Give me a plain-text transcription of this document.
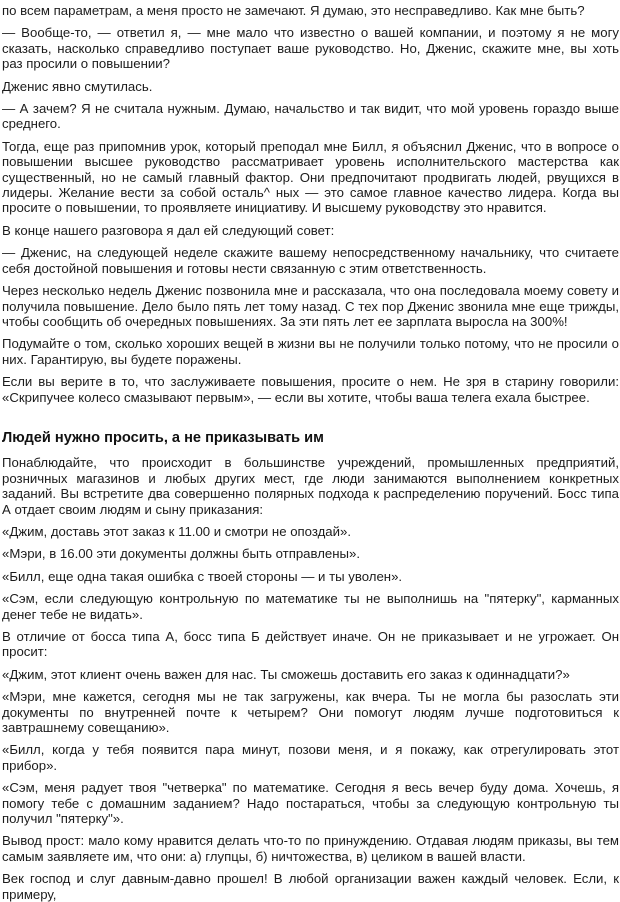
по всем параметрам, а меня просто не замечают. Я думаю, это несправедливо. Как мне быть?

— Вообще-то, — ответил я, — мне мало что известно о вашей компании, и поэтому я не могу сказать, насколько справедливо поступает ваше руководство. Но, Дженис, скажите мне, вы хоть раз просили о повышении?

Дженис явно смутилась.

— А зачем? Я не считала нужным. Думаю, начальство и так видит, что мой уровень гораздо выше среднего.

Тогда, еще раз припомнив урок, который преподал мне Билл, я объяснил Дженис, что в вопросе о повышении высшее руководство рассматривает уровень исполнительского мастерства как существенный, но не самый главный фактор. Они предпочитают продвигать людей, рвущихся в лидеры. Желание вести за собой осталь^ ных — это самое главное качество лидера. Когда вы просите о повышении, то проявляете инициативу. И высшему руководству это нравится.

В конце нашего разговора я дал ей следующий совет:

— Дженис, на следующей неделе скажите вашему непосредственному начальнику, что считаете себя достойной повышения и готовы нести связанную с этим ответственность.

Через несколько недель Дженис позвонила мне и рассказала, что она последовала моему совету и получила повышение. Дело было пять лет тому назад. С тех пор Дженис звонила мне еще трижды, чтобы сообщить об очередных повышениях. За эти пять лет ее зарплата выросла на 300%!

Подумайте о том, сколько хороших вещей в жизни вы не получили только потому, что не просили о них. Гарантирую, вы будете поражены.

Если вы верите в то, что заслуживаете повышения, просите о нем. Не зря в старину говорили: «Скрипучее колесо смазывают первым», — если вы хотите, чтобы ваша телега ехала быстрее.

Людей нужно просить, а не приказывать им

Понаблюдайте, что происходит в большинстве учреждений, промышленных предприятий, розничных магазинов и любых других мест, где люди занимаются выполнением конкретных заданий. Вы встретите два совершенно полярных подхода к распределению поручений. Босс типа А отдает своим людям и сыну приказания:

«Джим, доставь этот заказ к 11.00 и смотри не опоздай».

«Мэри, в 16.00 эти документы должны быть отправлены».

«Билл, еще одна такая ошибка с твоей стороны — и ты уволен».

«Сэм, если следующую контрольную по математике ты не выполнишь на "пятерку", карманных денег тебе не видать».

В отличие от босса типа А, босс типа Б действует иначе. Он не приказывает и не угрожает. Он просит:

«Джим, этот клиент очень важен для нас. Ты сможешь доставить его заказ к одиннадцати?»

«Мэри, мне кажется, сегодня мы не так загружены, как вчера. Ты не могла бы разослать эти документы по внутренней почте к четырем? Они помогут людям лучше подготовиться к завтрашнему совещанию».

«Билл, когда у тебя появится пара минут, позови меня, и я покажу, как отрегулировать этот прибор».

«Сэм, меня радует твоя "четверка" по математике. Сегодня я весь вечер буду дома. Хочешь, я помогу тебе с домашним заданием? Надо постараться, чтобы за следующую контрольную ты получил "пятерку"».

Вывод прост: мало кому нравится делать что-то по принуждению. Отдавая людям приказы, вы тем самым заявляете им, что они: а) глупцы, б) ничтожества, в) целиком в вашей власти.

Век господ и слуг давным-давно прошел! В любой организации важен каждый человек. Если, к примеру,
